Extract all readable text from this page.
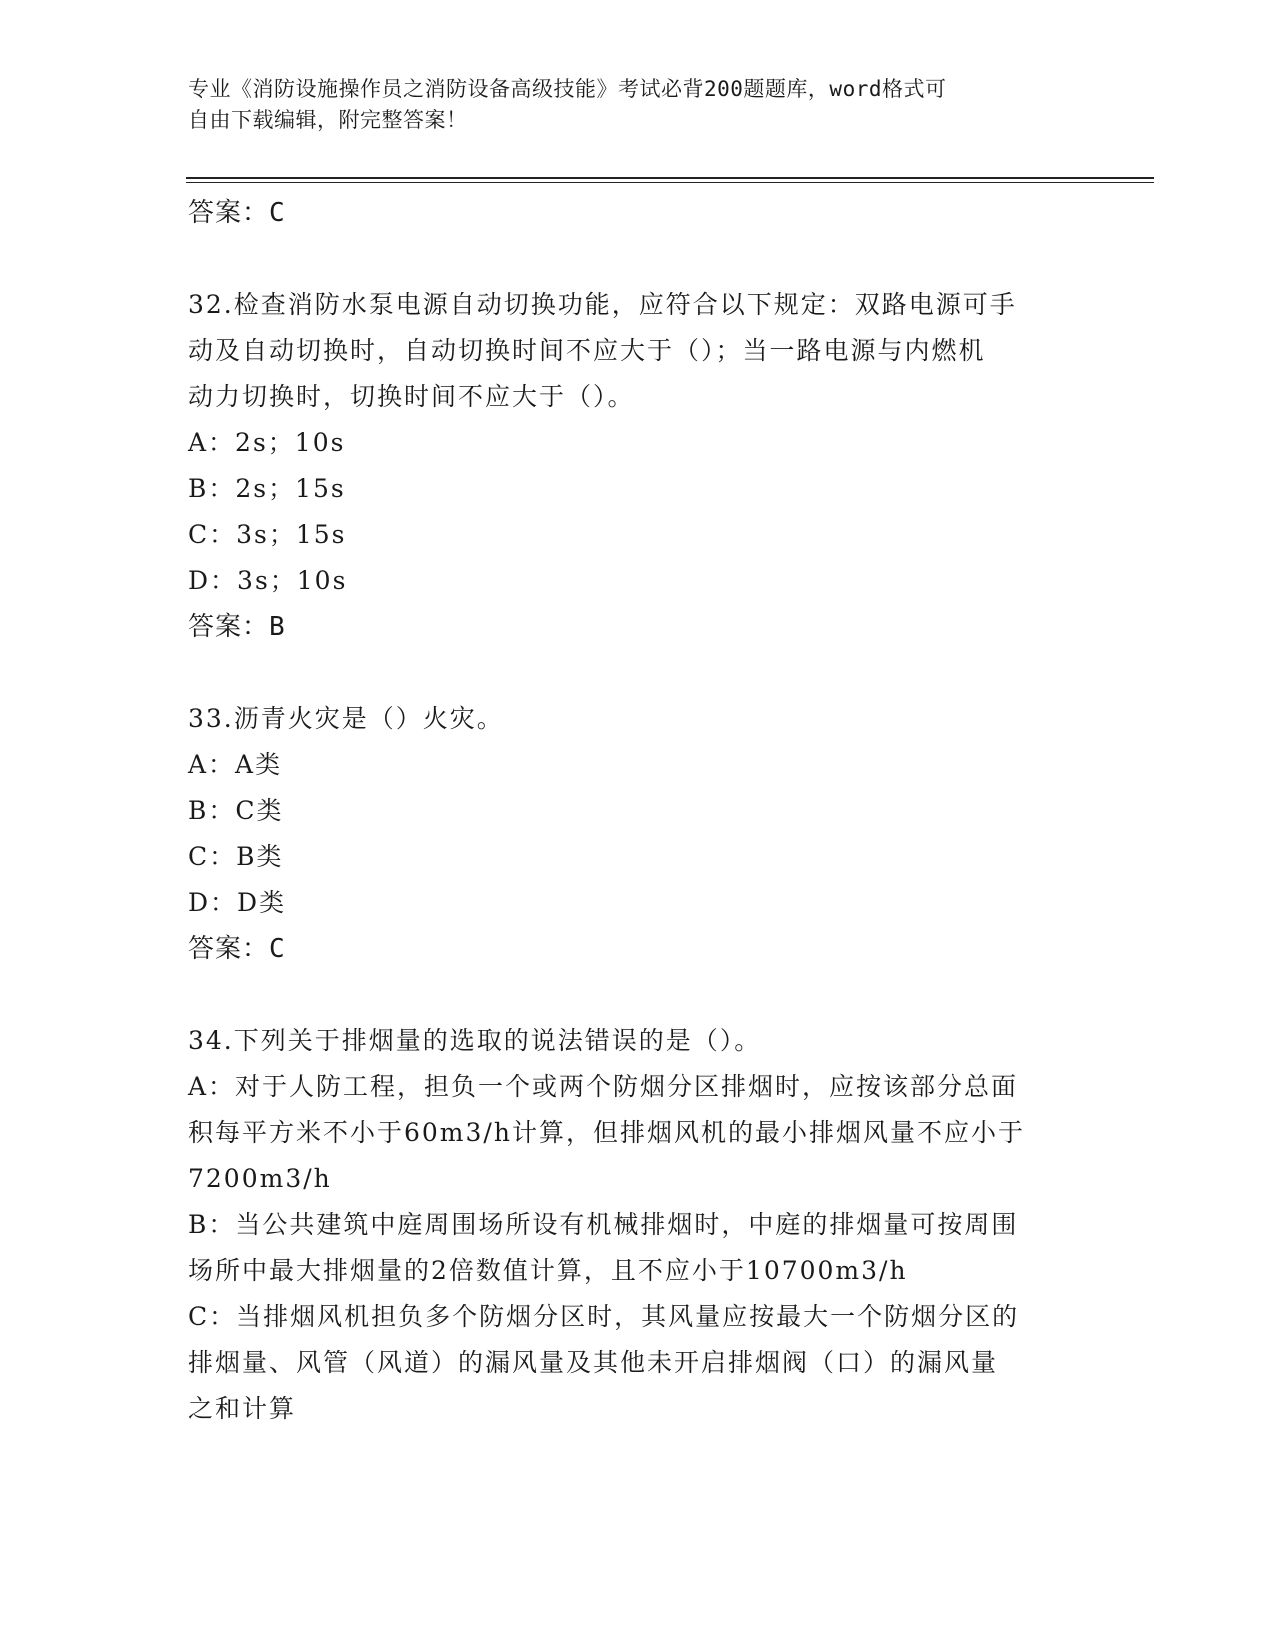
专业《消防设施操作员之消防设备高级技能》考试必背200题题库，word格式可
自由下载编辑，附完整答案！
答案：C
32.检查消防水泵电源自动切换功能，应符合以下规定：双路电源可手
动及自动切换时，自动切换时间不应大于（）；当一路电源与内燃机
动力切换时，切换时间不应大于（）。
A：2s；10s
B：2s；15s
C：3s；15s
D：3s；10s
答案：B
33.沥青火灾是（）火灾。
A：A类
B：C类
C：B类
D：D类
答案：C
34.下列关于排烟量的选取的说法错误的是（）。
A：对于人防工程，担负一个或两个防烟分区排烟时，应按该部分总面
积每平方米不小于60m3/h计算，但排烟风机的最小排烟风量不应小于
7200m3/h
B：当公共建筑中庭周围场所设有机械排烟时，中庭的排烟量可按周围
场所中最大排烟量的2倍数值计算，且不应小于10700m3/h
C：当排烟风机担负多个防烟分区时，其风量应按最大一个防烟分区的
排烟量、风管（风道）的漏风量及其他未开启排烟阀（口）的漏风量
之和计算
